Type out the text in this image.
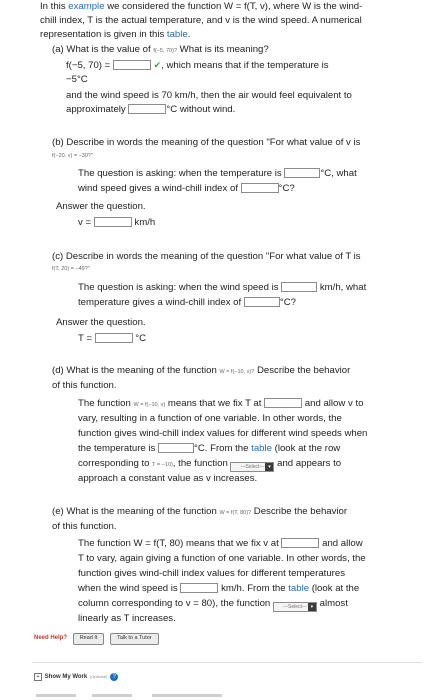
In this example we considered the function W = f(T, v), where W is the wind-
chill index, T is the actual temperature, and v is the wind speed. A numerical
representation is given in this table.
(a) What is the value of f(−5, 70)? What is its meaning?
f(−5, 70) =	✔, which means that if the temperature is
−5°C
and the wind speed is 70 km/h, then the air would feel equivalent to
approximately	°C without wind.
(b) Describe in words the meaning of the question "For what value of v is
f(−20, v) = −30?"
The question is asking: when the temperature is	°C, what
wind speed gives a wind-chill index of	°C?
Answer the question.
v =	km/h
(c) Describe in words the meaning of the question "For what value of T is
f(T, 20) = −49?"
The question is asking: when the wind speed is	km/h, what
temperature gives a wind-chill index of	°C?
Answer the question.
T =	°C
(d) What is the meaning of the function W = f(−10, v)? Describe the behavior
of this function.
The function W = f(−10, v) means that we fix T at	and allow v to
vary, resulting in a function of one variable. In other words, the
function gives wind-chill index values for different wind speeds when
the temperature is	°C. From the table (look at the row
corresponding to T = −10), the function	---Select--- ▾ and appears to
approach a constant value as v increases.
(e) What is the meaning of the function W = f(T, 80)? Describe the behavior
of this function.
The function W = f(T, 80) means that we fix v at	and allow
T to vary, again giving a function of one variable. In other words, the
function gives wind-chill index values for different temperatures
when the wind speed is	km/h. From the table (look at the
column corresponding to v = 80), the function	---Select--- ▾ almost
linearly as T increases.
Need Help? Read It	Talk to a Tutor
+ Show My Work (Optional) ?
